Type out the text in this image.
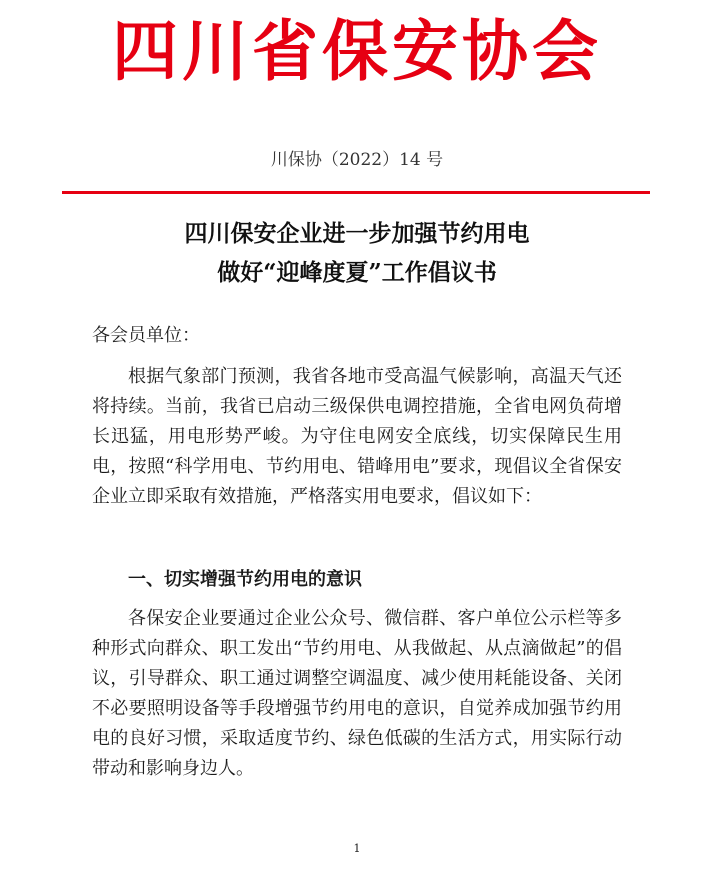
四川省保安协会
川保协（2022）14 号
四川保安企业进一步加强节约用电
做好“迎峰度夏”工作倡议书
各会员单位：

根据气象部门预测，我省各地市受高温气候影响，高温天气还将持续。当前，我省已启动三级保供电调控措施，全省电网负荷增长迅猛，用电形势严峻。为守住电网安全底线，切实保障民生用电，按照“科学用电、节约用电、错峰用电”要求，现倡议全省保安企业立即采取有效措施，严格落实用电要求，倡议如下：

一、切实增强节约用电的意识

各保安企业要通过企业公众号、微信群、客户单位公示栏等多种形式向群众、职工发出“节约用电、从我做起、从点滴做起”的倡议，引导群众、职工通过调整空调温度、减少使用耗能设备、关闭不必要照明设备等手段增强节约用电的意识，自觉养成加强节约用电的良好习惯，采取适度节约、绿色低碳的生活方式，用实际行动带动和影响身边人。

1
